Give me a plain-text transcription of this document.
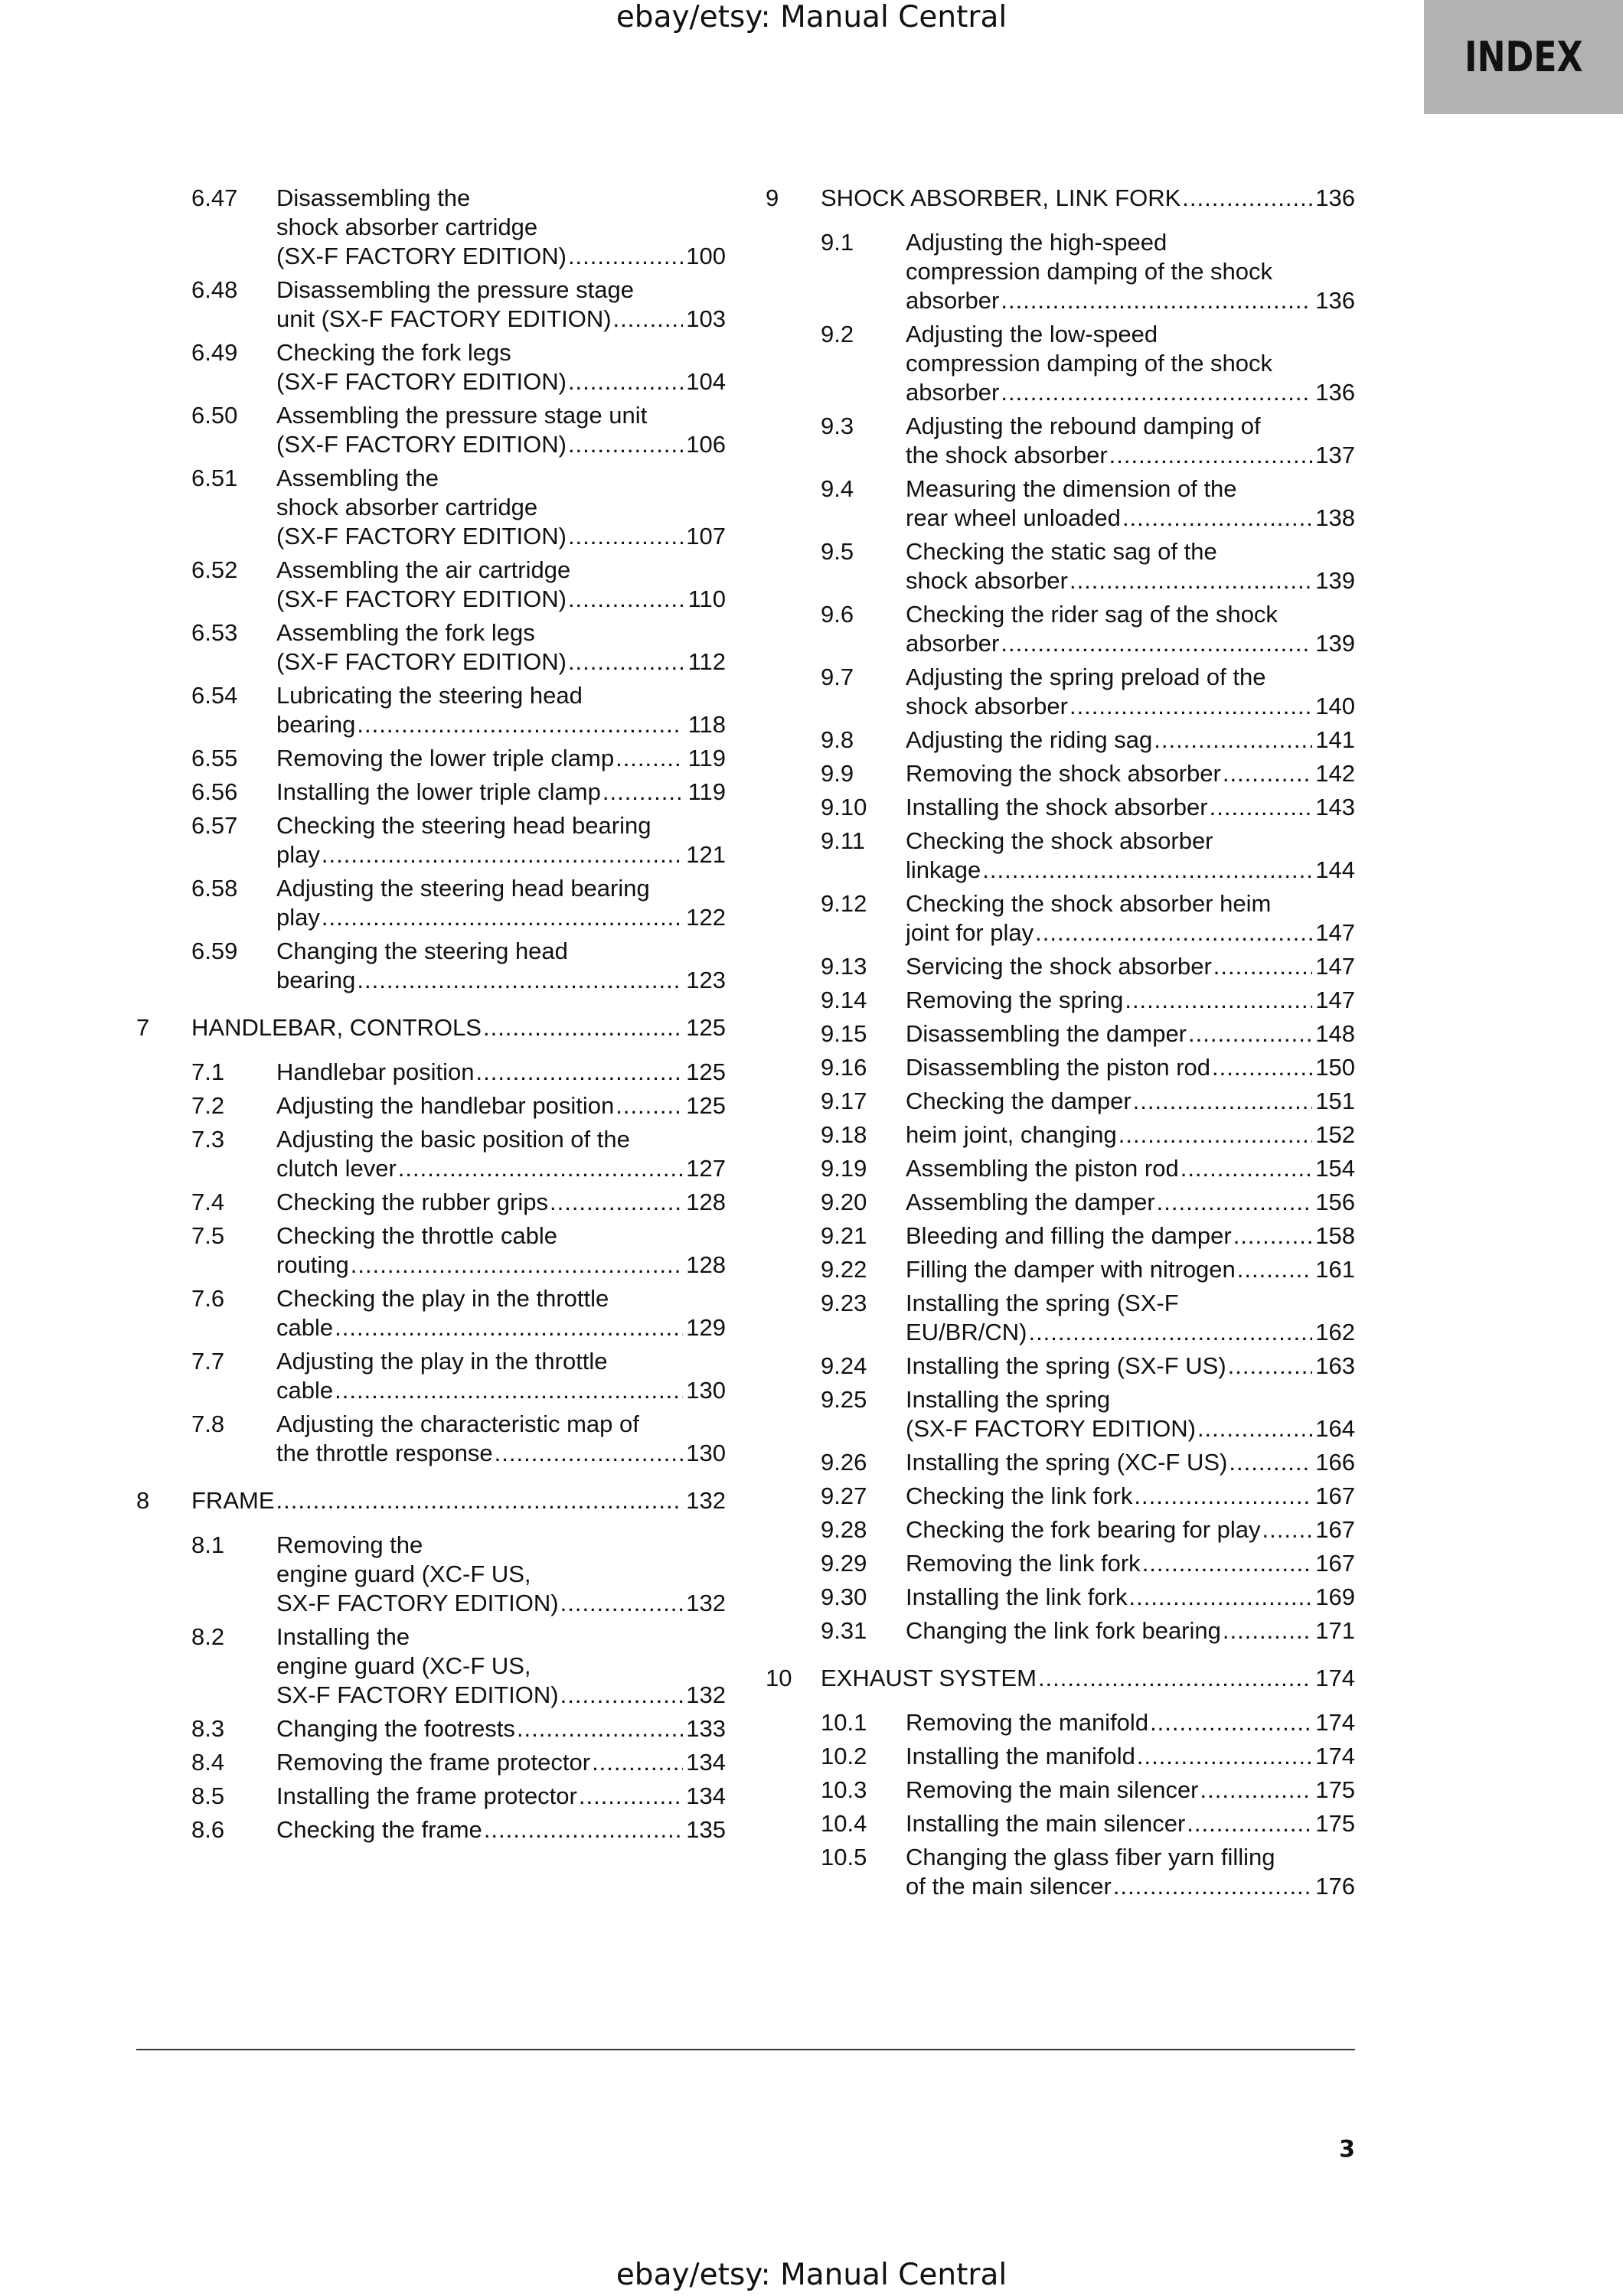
ebay/etsy: Manual Central
INDEX
6.47	Disassembling the
shock absorber cartridge
(SX-F FACTORY EDITION) .....	100
6.48	Disassembling the pressure stage
unit (SX-F FACTORY EDITION) .....	103
6.49	Checking the fork legs
(SX-F FACTORY EDITION) .....	104
6.50	Assembling the pressure stage unit
(SX-F FACTORY EDITION) .....	106
6.51	Assembling the
shock absorber cartridge
(SX-F FACTORY EDITION) .....	107
6.52	Assembling the air cartridge
(SX-F FACTORY EDITION) .....	110
6.53	Assembling the fork legs
(SX-F FACTORY EDITION) .....	112
6.54	Lubricating the steering head
bearing .....	118
6.55	Removing the lower triple clamp .....	119
6.56	Installing the lower triple clamp .....	119
6.57	Checking the steering head bearing
play .....	121
6.58	Adjusting the steering head bearing
play .....	122
6.59	Changing the steering head
bearing .....	123
7	HANDLEBAR, CONTROLS .....	125
7.1	Handlebar position .....	125
7.2	Adjusting the handlebar position .....	125
7.3	Adjusting the basic position of the
clutch lever .....	127
7.4	Checking the rubber grips .....	128
7.5	Checking the throttle cable
routing .....	128
7.6	Checking the play in the throttle
cable .....	129
7.7	Adjusting the play in the throttle
cable .....	130
7.8	Adjusting the characteristic map of
the throttle response .....	130
8	FRAME .....	132
8.1	Removing the
engine guard (XC-F US,
SX-F FACTORY EDITION) .....	132
8.2	Installing the
engine guard (XC-F US,
SX-F FACTORY EDITION) .....	132
8.3	Changing the footrests .....	133
8.4	Removing the frame protector .....	134
8.5	Installing the frame protector .....	134
8.6	Checking the frame .....	135
9	SHOCK ABSORBER, LINK FORK .....	136
9.1	Adjusting the high-speed
compression damping of the shock
absorber .....	136
9.2	Adjusting the low-speed
compression damping of the shock
absorber .....	136
9.3	Adjusting the rebound damping of
the shock absorber .....	137
9.4	Measuring the dimension of the
rear wheel unloaded .....	138
9.5	Checking the static sag of the
shock absorber .....	139
9.6	Checking the rider sag of the shock
absorber .....	139
9.7	Adjusting the spring preload of the
shock absorber .....	140
9.8	Adjusting the riding sag .....	141
9.9	Removing the shock absorber .....	142
9.10	Installing the shock absorber .....	143
9.11	Checking the shock absorber
linkage .....	144
9.12	Checking the shock absorber heim
joint for play .....	147
9.13	Servicing the shock absorber .....	147
9.14	Removing the spring .....	147
9.15	Disassembling the damper .....	148
9.16	Disassembling the piston rod .....	150
9.17	Checking the damper .....	151
9.18	heim joint, changing .....	152
9.19	Assembling the piston rod .....	154
9.20	Assembling the damper .....	156
9.21	Bleeding and filling the damper .....	158
9.22	Filling the damper with nitrogen .....	161
9.23	Installing the spring (SX-F
EU/BR/CN) .....	162
9.24	Installing the spring (SX-F US) .....	163
9.25	Installing the spring
(SX-F FACTORY EDITION) .....	164
9.26	Installing the spring (XC-F US) .....	166
9.27	Checking the link fork .....	167
9.28	Checking the fork bearing for play ..... 167
9.29	Removing the link fork .....	167
9.30	Installing the link fork .....	169
9.31	Changing the link fork bearing .....	171
10	EXHAUST SYSTEM .....	174
10.1	Removing the manifold .....	174
10.2	Installing the manifold .....	174
10.3	Removing the main silencer .....	175
10.4	Installing the main silencer .....	175
10.5	Changing the glass fiber yarn filling
of the main silencer .....	176
3
ebay/etsy: Manual Central
